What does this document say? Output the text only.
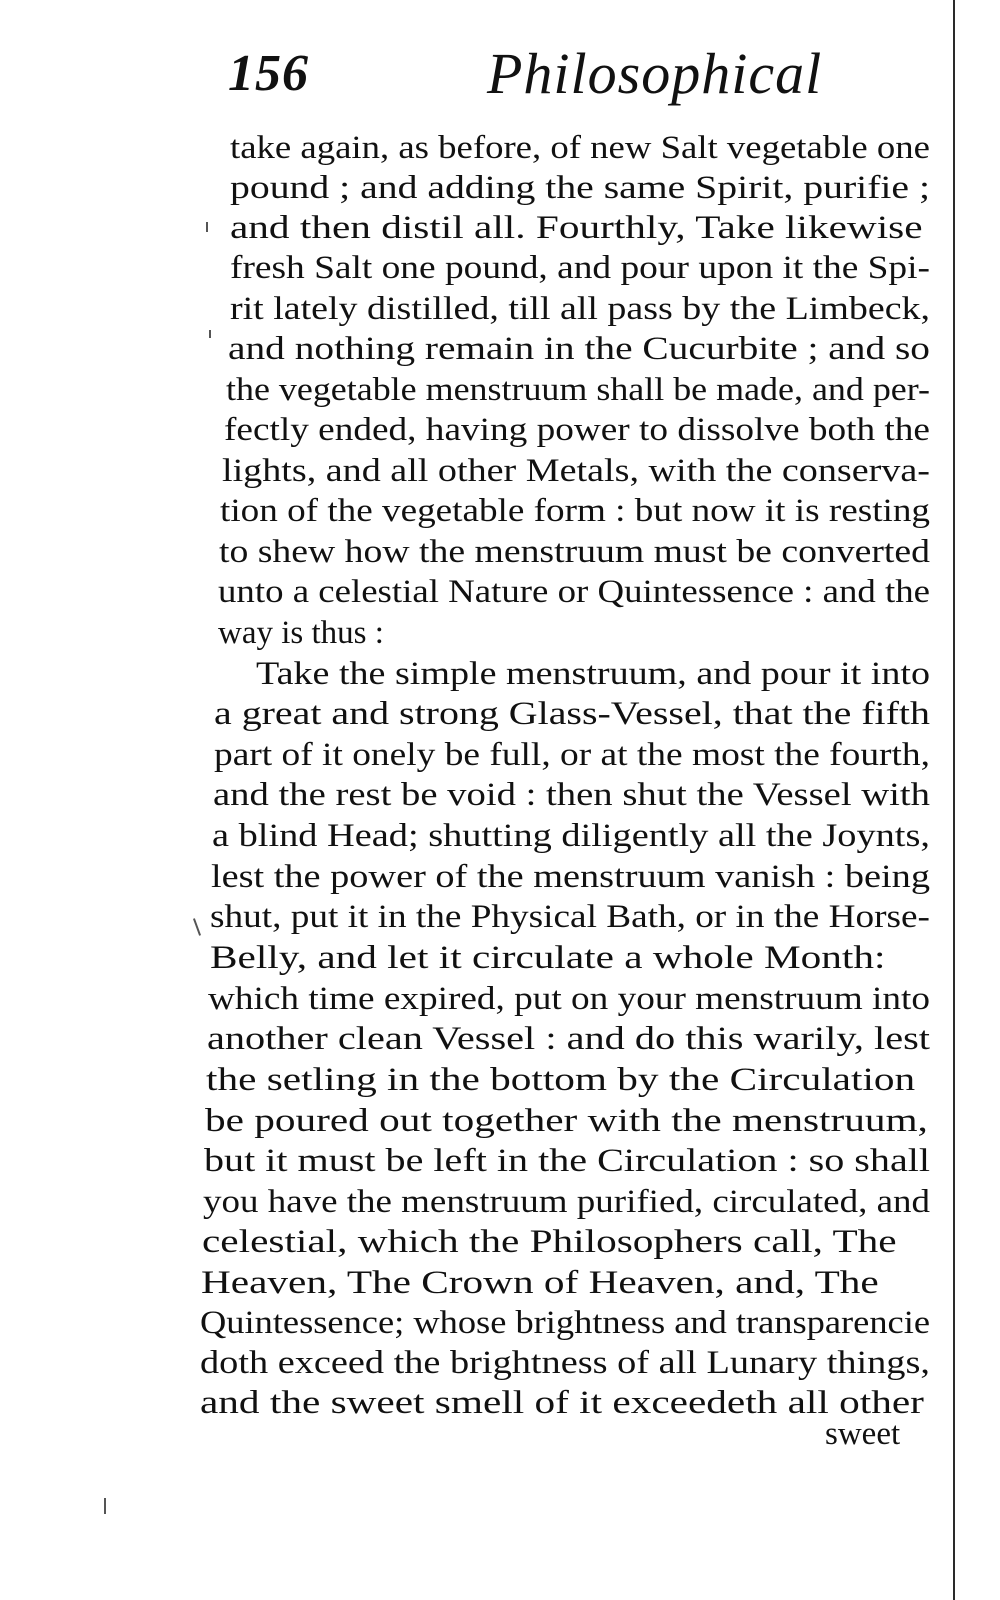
156	Philosophical
take again, as before, of new Salt vegetable one
pound ; and adding the same Spirit, purifie ;
and then distil all. Fourthly, Take likewise
fresh Salt one pound, and pour upon it the Spi-
rit lately distilled, till all pass by the Limbeck,
and nothing remain in the Cucurbite ; and so
the vegetable menstruum shall be made, and per-
fectly ended, having power to dissolve both the
lights, and all other Metals, with the conserva-
tion of the vegetable form : but now it is resting
to shew how the menstruum must be converted
unto a celestial Nature or Quintessence : and the
way is thus :
Take the simple menstruum, and pour it into
a great and strong Glass-Vessel, that the fifth
part of it onely be full, or at the most the fourth,
and the rest be void : then shut the Vessel with
a blind Head; shutting diligently all the Joynts,
lest the power of the menstruum vanish : being
shut, put it in the Physical Bath, or in the Horse-
Belly, and let it circulate a whole Month:
which time expired, put on your menstruum into
another clean Vessel : and do this warily, lest
the setling in the bottom by the Circulation
be poured out together with the menstruum,
but it must be left in the Circulation : so shall
you have the menstruum purified, circulated, and
celestial, which the Philosophers call, The
Heaven, The Crown of Heaven, and, The
Quintessence; whose brightness and transparencie
doth exceed the brightness of all Lunary things,
and the sweet smell of it exceedeth all other
sweet
